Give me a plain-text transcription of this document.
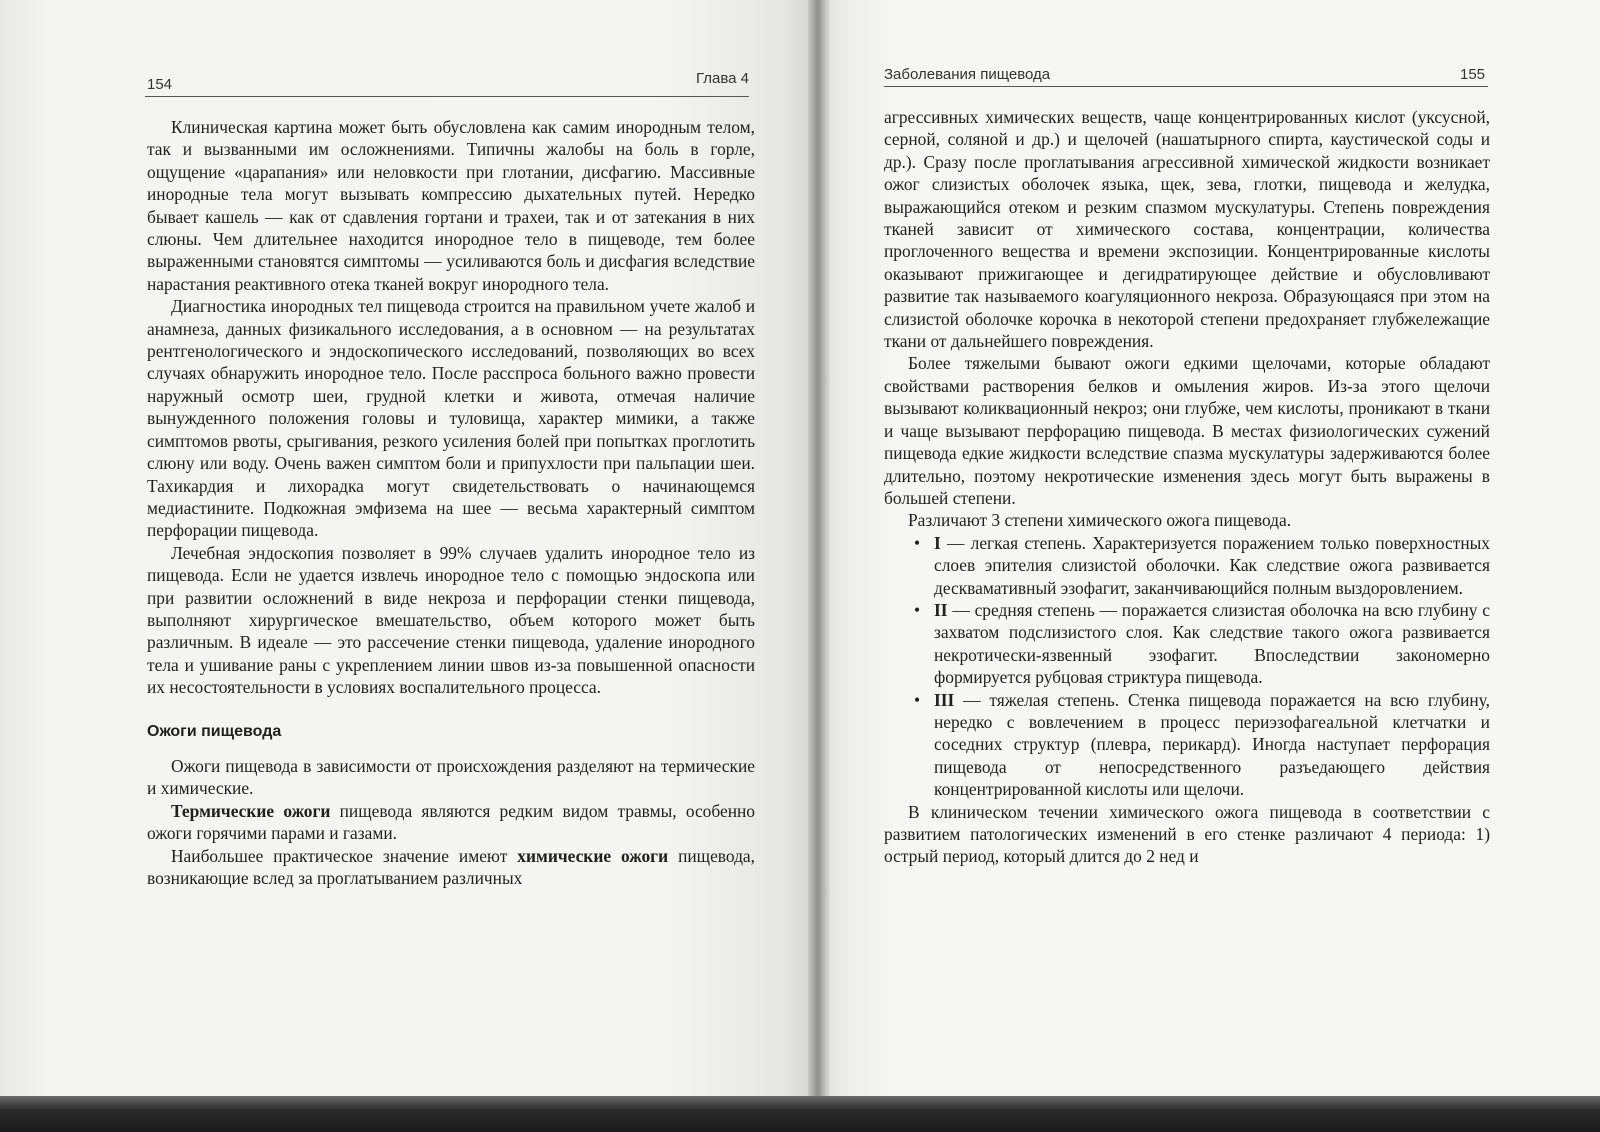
154	Глава 4

Клиническая картина может быть обусловлена как самим инородным телом, так и вызванными им осложнениями. Типичны жалобы на боль в горле, ощущение «царапания» или неловкости при глотании, дисфагию. Массивные инородные тела могут вызывать компрессию дыхательных путей. Нередко бывает кашель — как от сдавления гортани и трахеи, так и от затекания в них слюны. Чем длительнее находится инородное тело в пищеводе, тем более выраженными становятся симптомы — усиливаются боль и дисфагия вследствие нарастания реактивного отека тканей вокруг инородного тела.

Диагностика инородных тел пищевода строится на правильном учете жалоб и анамнеза, данных физикального исследования, а в основном — на результатах рентгенологического и эндоскопического исследований, позволяющих во всех случаях обнаружить инородное тело. После расспроса больного важно провести наружный осмотр шеи, грудной клетки и живота, отмечая наличие вынужденного положения головы и туловища, характер мимики, а также симптомов рвоты, срыгивания, резкого усиления болей при попытках проглотить слюну или воду. Очень важен симптом боли и припухлости при пальпации шеи. Тахикардия и лихорадка могут свидетельствовать о начинающемся медиастините. Подкожная эмфизема на шее — весьма характерный симптом перфорации пищевода.

Лечебная эндоскопия позволяет в 99% случаев удалить инородное тело из пищевода. Если не удается извлечь инородное тело с помощью эндоскопа или при развитии осложнений в виде некроза и перфорации стенки пищевода, выполняют хирургическое вмешательство, объем которого может быть различным. В идеале — это рассечение стенки пищевода, удаление инородного тела и ушивание раны с укреплением линии швов из-за повышенной опасности их несостоятельности в условиях воспалительного процесса.

Ожоги пищевода

Ожоги пищевода в зависимости от происхождения разделяют на термические и химические.

Термические ожоги пищевода являются редким видом травмы, особенно ожоги горячими парами и газами.

Наибольшее практическое значение имеют химические ожоги пищевода, возникающие вслед за проглатыванием различных

Заболевания пищевода	155

агрессивных химических веществ, чаще концентрированных кислот (уксусной, серной, соляной и др.) и щелочей (нашатырного спирта, каустической соды и др.). Сразу после проглатывания агрессивной химической жидкости возникает ожог слизистых оболочек языка, щек, зева, глотки, пищевода и желудка, выражающийся отеком и резким спазмом мускулатуры. Степень повреждения тканей зависит от химического состава, концентрации, количества проглоченного вещества и времени экспозиции. Концентрированные кислоты оказывают прижигающее и дегидратирующее действие и обусловливают развитие так называемого коагуляционного некроза. Образующаяся при этом на слизистой оболочке корочка в некоторой степени предохраняет глубжележащие ткани от дальнейшего повреждения.

Более тяжелыми бывают ожоги едкими щелочами, которые обладают свойствами растворения белков и омыления жиров. Из-за этого щелочи вызывают коликвационный некроз; они глубже, чем кислоты, проникают в ткани и чаще вызывают перфорацию пищевода. В местах физиологических сужений пищевода едкие жидкости вследствие спазма мускулатуры задерживаются более длительно, поэтому некротические изменения здесь могут быть выражены в большей степени.

Различают 3 степени химического ожога пищевода.

• I — легкая степень. Характеризуется поражением только поверхностных слоев эпителия слизистой оболочки. Как следствие ожога развивается десквамативный эзофагит, заканчивающийся полным выздоровлением.
• II — средняя степень — поражается слизистая оболочка на всю глубину с захватом подслизистого слоя. Как следствие такого ожога развивается некротически-язвенный эзофагит. Впоследствии закономерно формируется рубцовая стриктура пищевода.
• III — тяжелая степень. Стенка пищевода поражается на всю глубину, нередко с вовлечением в процесс периэзофагеальной клетчатки и соседних структур (плевра, перикард). Иногда наступает перфорация пищевода от непосредственного разъедающего действия концентрированной кислоты или щелочи.

В клиническом течении химического ожога пищевода в соответствии с развитием патологических изменений в его стенке различают 4 периода: 1) острый период, который длится до 2 нед и
